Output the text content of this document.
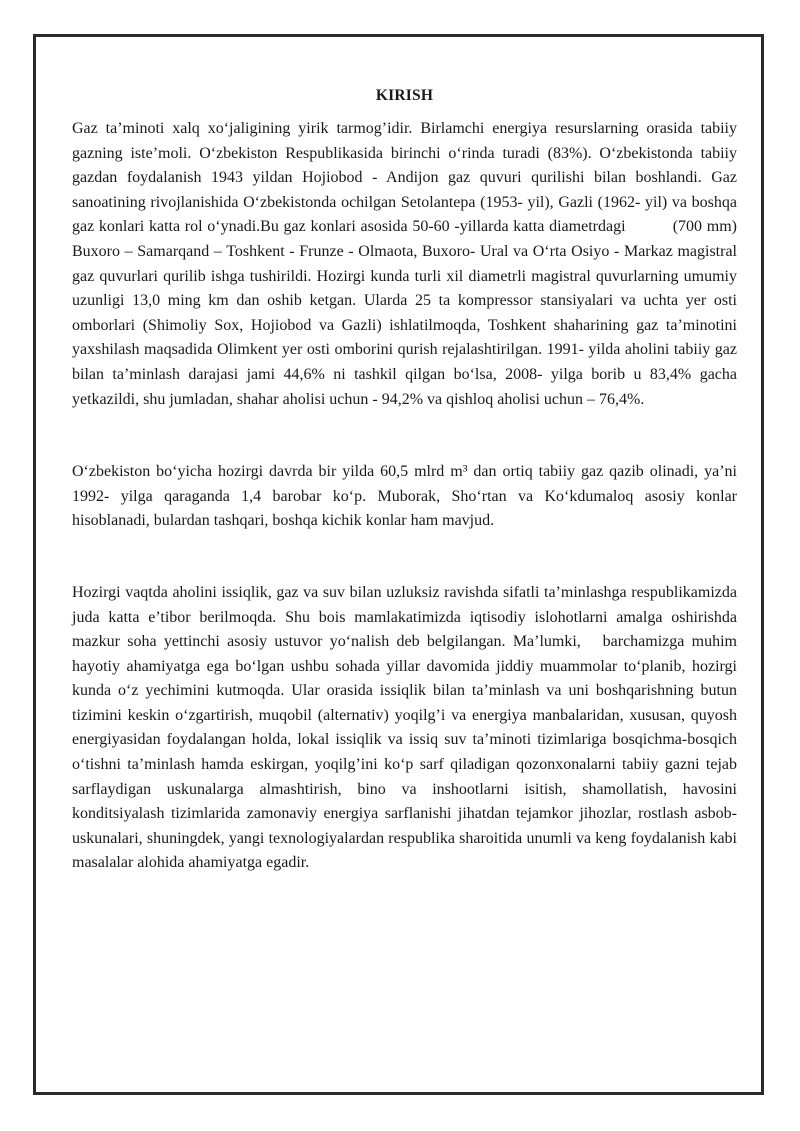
KIRISH

Gaz ta’minoti xalq xo‘jaligining yirik tarmog’idir. Birlamchi energiya resurslarning orasida tabiiy gazning iste’moli. O‘zbekiston Respublikasida birinchi o‘rinda turadi (83%). O‘zbekistonda tabiiy gazdan foydalanish 1943 yildan Hojiobod - Andijon gaz quvuri qurilishi bilan boshlandi. Gaz sanoatining rivojlanishida O‘zbekistonda ochilgan Setolantepa (1953- yil), Gazli (1962- yil) va boshqa gaz konlari katta rol o‘ynadi.Bu gaz konlari asosida 50-60 -yillarda katta diametrdagi          (700 mm) Buxoro – Samarqand – Toshkent - Frunze - Olmaota, Buxoro- Ural va O‘rta Osiyo - Markaz magistral gaz quvurlari qurilib ishga tushirildi. Hozirgi kunda turli xil diametrli magistral quvurlarning umumiy uzunligi 13,0 ming km dan oshib ketgan. Ularda 25 ta kompressor stansiyalari va uchta yer osti omborlari (Shimoliy Sox, Hojiobod va Gazli) ishlatilmoqda, Toshkent shaharining gaz ta’minotini yaxshilash maqsadida Olimkent yer osti omborini qurish rejalashtirilgan. 1991- yilda aholini tabiiy gaz bilan ta’minlash darajasi jami 44,6% ni tashkil qilgan bo‘lsa, 2008- yilga borib u 83,4% gacha yetkazildi, shu jumladan, shahar aholisi uchun - 94,2% va qishloq aholisi uchun – 76,4%.

O‘zbekiston bo‘yicha hozirgi davrda bir yilda 60,5 mlrd m³ dan ortiq tabiiy gaz qazib olinadi, ya’ni 1992- yilga qaraganda 1,4 barobar ko‘p. Muborak, Sho‘rtan va Ko‘kdumaloq asosiy konlar hisoblanadi, bulardan tashqari, boshqa kichik konlar ham mavjud.

Hozirgi vaqtda aholini issiqlik, gaz va suv bilan uzluksiz ravishda sifatli ta’minlashga respublikamizda juda katta e’tibor berilmoqda. Shu bois mamlakatimizda iqtisodiy islohotlarni amalga oshirishda mazkur soha yettinchi asosiy ustuvor yo‘nalish deb belgilangan. Ma’lumki,   barchamizga muhim hayotiy ahamiyatga ega bo‘lgan ushbu sohada yillar davomida jiddiy muammolar to‘planib, hozirgi kunda o‘z yechimini kutmoqda. Ular orasida issiqlik bilan ta’minlash va uni boshqarishning butun tizimini keskin o‘zgartirish, muqobil (alternativ) yoqilg’i va energiya manbalaridan, xususan, quyosh energiyasidan foydalangan holda, lokal issiqlik va issiq suv ta’minoti tizimlariga bosqichma-bosqich o‘tishni ta’minlash hamda eskirgan, yoqilg’ini ko‘p sarf qiladigan qozonxonalarni tabiiy gazni tejab sarflaydigan uskunalarga almashtirish, bino va inshootlarni isitish, shamollatish, havosini konditsiyalash tizimlarida zamonaviy energiya sarflanishi jihatdan tejamkor jihozlar, rostlash asbob-uskunalari, shuningdek, yangi texnologiyalardan respublika sharoitida unumli va keng foydalanish kabi masalalar alohida ahamiyatga egadir.
